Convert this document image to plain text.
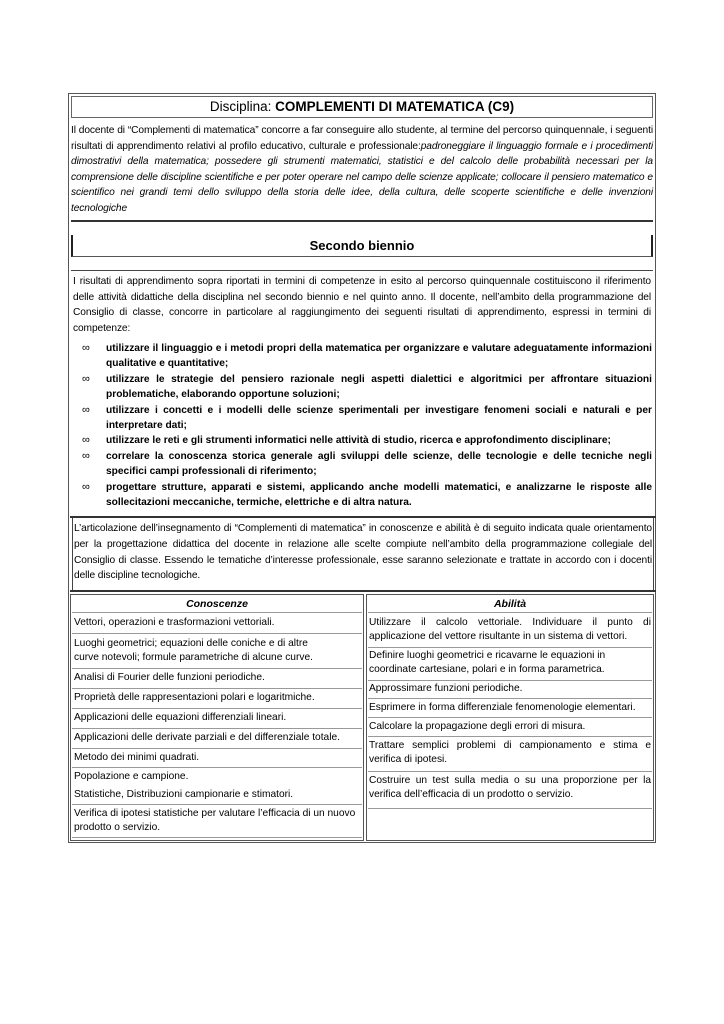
Disciplina: COMPLEMENTI DI MATEMATICA (C9)
Il docente di “Complementi di matematica” concorre a far conseguire allo studente, al termine del percorso quinquennale, i seguenti risultati di apprendimento relativi al profilo educativo, culturale e professionale:padroneggiare il linguaggio formale e i procedimenti dimostrativi della matematica; possedere gli strumenti matematici, statistici e del calcolo delle probabilità necessari per la comprensione delle discipline scientifiche e per poter operare nel campo delle scienze applicate; collocare il pensiero matematico e scientifico nei grandi temi dello sviluppo della storia delle idee, della cultura, delle scoperte scientifiche e delle invenzioni tecnologiche
Secondo biennio
I risultati di apprendimento sopra riportati in termini di competenze in esito al percorso quinquennale costituiscono il riferimento delle attività didattiche della disciplina nel secondo biennio e nel quinto anno. Il docente, nell’ambito della programmazione del Consiglio di classe, concorre in particolare al raggiungimento dei seguenti risultati di apprendimento, espressi in termini di competenze:
∞ utilizzare il linguaggio e i metodi propri della matematica per organizzare e valutare adeguatamente informazioni qualitative e quantitative;
∞ utilizzare le strategie del pensiero razionale negli aspetti dialettici e algoritmici per affrontare situazioni problematiche, elaborando opportune soluzioni;
∞ utilizzare i concetti e i modelli delle scienze sperimentali per investigare fenomeni sociali e naturali e per interpretare dati;
∞ utilizzare le reti e gli strumenti informatici nelle attività di studio, ricerca e approfondimento disciplinare;
∞ correlare la conoscenza storica generale agli sviluppi delle scienze, delle tecnologie e delle tecniche negli specifici campi professionali di riferimento;
∞ progettare strutture, apparati e sistemi, applicando anche modelli matematici, e analizzarne le risposte alle sollecitazioni meccaniche, termiche, elettriche e di altra natura.
L’articolazione dell’insegnamento di “Complementi di matematica” in conoscenze e abilità è di seguito indicata quale orientamento per la progettazione didattica del docente in relazione alle scelte compiute nell’ambito della programmazione collegiale del Consiglio di classe. Essendo le tematiche d’interesse professionale, esse saranno selezionate e trattate in accordo con i docenti delle discipline tecnologiche.
Conoscenze	Abilità
Vettori, operazioni e trasformazioni vettoriali.
Luoghi geometrici; equazioni delle coniche e di altre curve notevoli; formule parametriche di alcune curve.
Analisi di Fourier delle funzioni periodiche.
Proprietà delle rappresentazioni polari e logaritmiche.
Applicazioni delle equazioni differenziali lineari.
Applicazioni delle derivate parziali e del differenziale totale.
Metodo dei minimi quadrati.
Popolazione e campione.
Statistiche, Distribuzioni campionarie e stimatori.
Verifica di ipotesi statistiche per valutare l’efficacia di un nuovo prodotto o servizio.
Utilizzare il calcolo vettoriale. Individuare il punto di applicazione del vettore risultante in un sistema di vettori.
Definire luoghi geometrici e ricavarne le equazioni in coordinate cartesiane, polari e in forma parametrica.
Approssimare funzioni periodiche.
Esprimere in forma differenziale fenomenologie elementari.
Calcolare la propagazione degli errori di misura.
Trattare semplici problemi di campionamento e stima e verifica di ipotesi.
Costruire un test sulla media o su una proporzione per la verifica dell’efficacia di un prodotto o servizio.
